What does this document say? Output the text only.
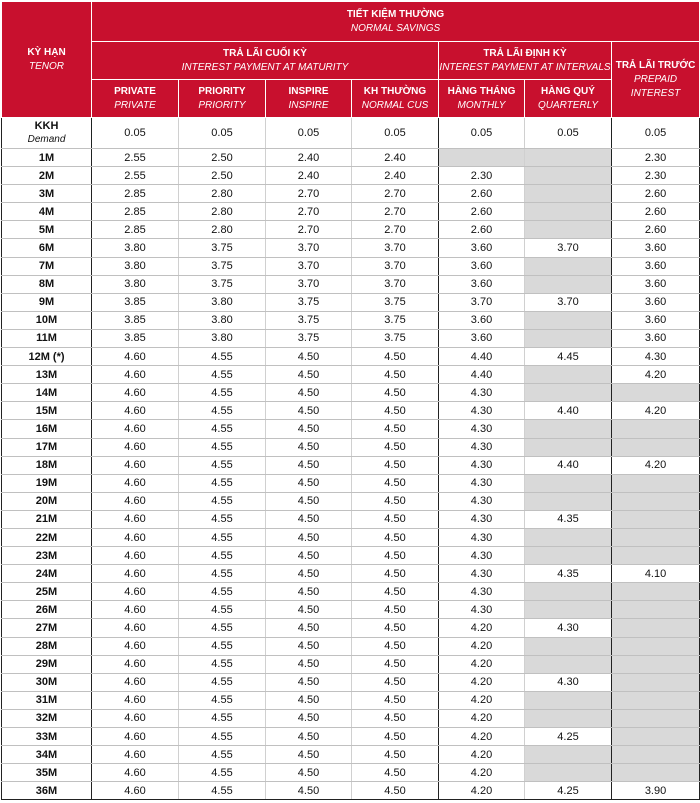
KỲ HẠN
TENOR	TIẾT KIỆM THƯỜNG
NORMAL SAVINGS						

	TRẢ LÃI CUỐI KỲ
INTEREST PAYMENT AT MATURITY				TRẢ LÃI ĐỊNH KỲ
INTEREST PAYMENT AT INTERVALS		TRẢ LÃI TRƯỚC
PREPAID INTEREST

	PRIVATE
PRIVATE	PRIORITY
PRIORITY	INSPIRE
INSPIRE	KH THƯỜNG
NORMAL CUS	HÀNG THÁNG
MONTHLY	HÀNG QUÝ
QUARTERLY	

KKH
Demand	0.05	0.05	0.05	0.05	0.05	0.05	0.05
1M	2.55	2.50	2.40	2.40			2.30
2M	2.55	2.50	2.40	2.40	2.30		2.30
3M	2.85	2.80	2.70	2.70	2.60		2.60
4M	2.85	2.80	2.70	2.70	2.60		2.60
5M	2.85	2.80	2.70	2.70	2.60		2.60
6M	3.80	3.75	3.70	3.70	3.60	3.70	3.60
7M	3.80	3.75	3.70	3.70	3.60		3.60
8M	3.80	3.75	3.70	3.70	3.60		3.60
9M	3.85	3.80	3.75	3.75	3.70	3.70	3.60
10M	3.85	3.80	3.75	3.75	3.60		3.60
11M	3.85	3.80	3.75	3.75	3.60		3.60
12M (*)	4.60	4.55	4.50	4.50	4.40	4.45	4.30
13M	4.60	4.55	4.50	4.50	4.40		4.20
14M	4.60	4.55	4.50	4.50	4.30		
15M	4.60	4.55	4.50	4.50	4.30	4.40	4.20
16M	4.60	4.55	4.50	4.50	4.30		
17M	4.60	4.55	4.50	4.50	4.30		
18M	4.60	4.55	4.50	4.50	4.30	4.40	4.20
19M	4.60	4.55	4.50	4.50	4.30		
20M	4.60	4.55	4.50	4.50	4.30		
21M	4.60	4.55	4.50	4.50	4.30	4.35	
22M	4.60	4.55	4.50	4.50	4.30		
23M	4.60	4.55	4.50	4.50	4.30		
24M	4.60	4.55	4.50	4.50	4.30	4.35	4.10
25M	4.60	4.55	4.50	4.50	4.30		
26M	4.60	4.55	4.50	4.50	4.30		
27M	4.60	4.55	4.50	4.50	4.20	4.30	
28M	4.60	4.55	4.50	4.50	4.20		
29M	4.60	4.55	4.50	4.50	4.20		
30M	4.60	4.55	4.50	4.50	4.20	4.30	
31M	4.60	4.55	4.50	4.50	4.20		
32M	4.60	4.55	4.50	4.50	4.20		
33M	4.60	4.55	4.50	4.50	4.20	4.25	
34M	4.60	4.55	4.50	4.50	4.20		
35M	4.60	4.55	4.50	4.50	4.20		
36M	4.60	4.55	4.50	4.50	4.20	4.25	3.90
